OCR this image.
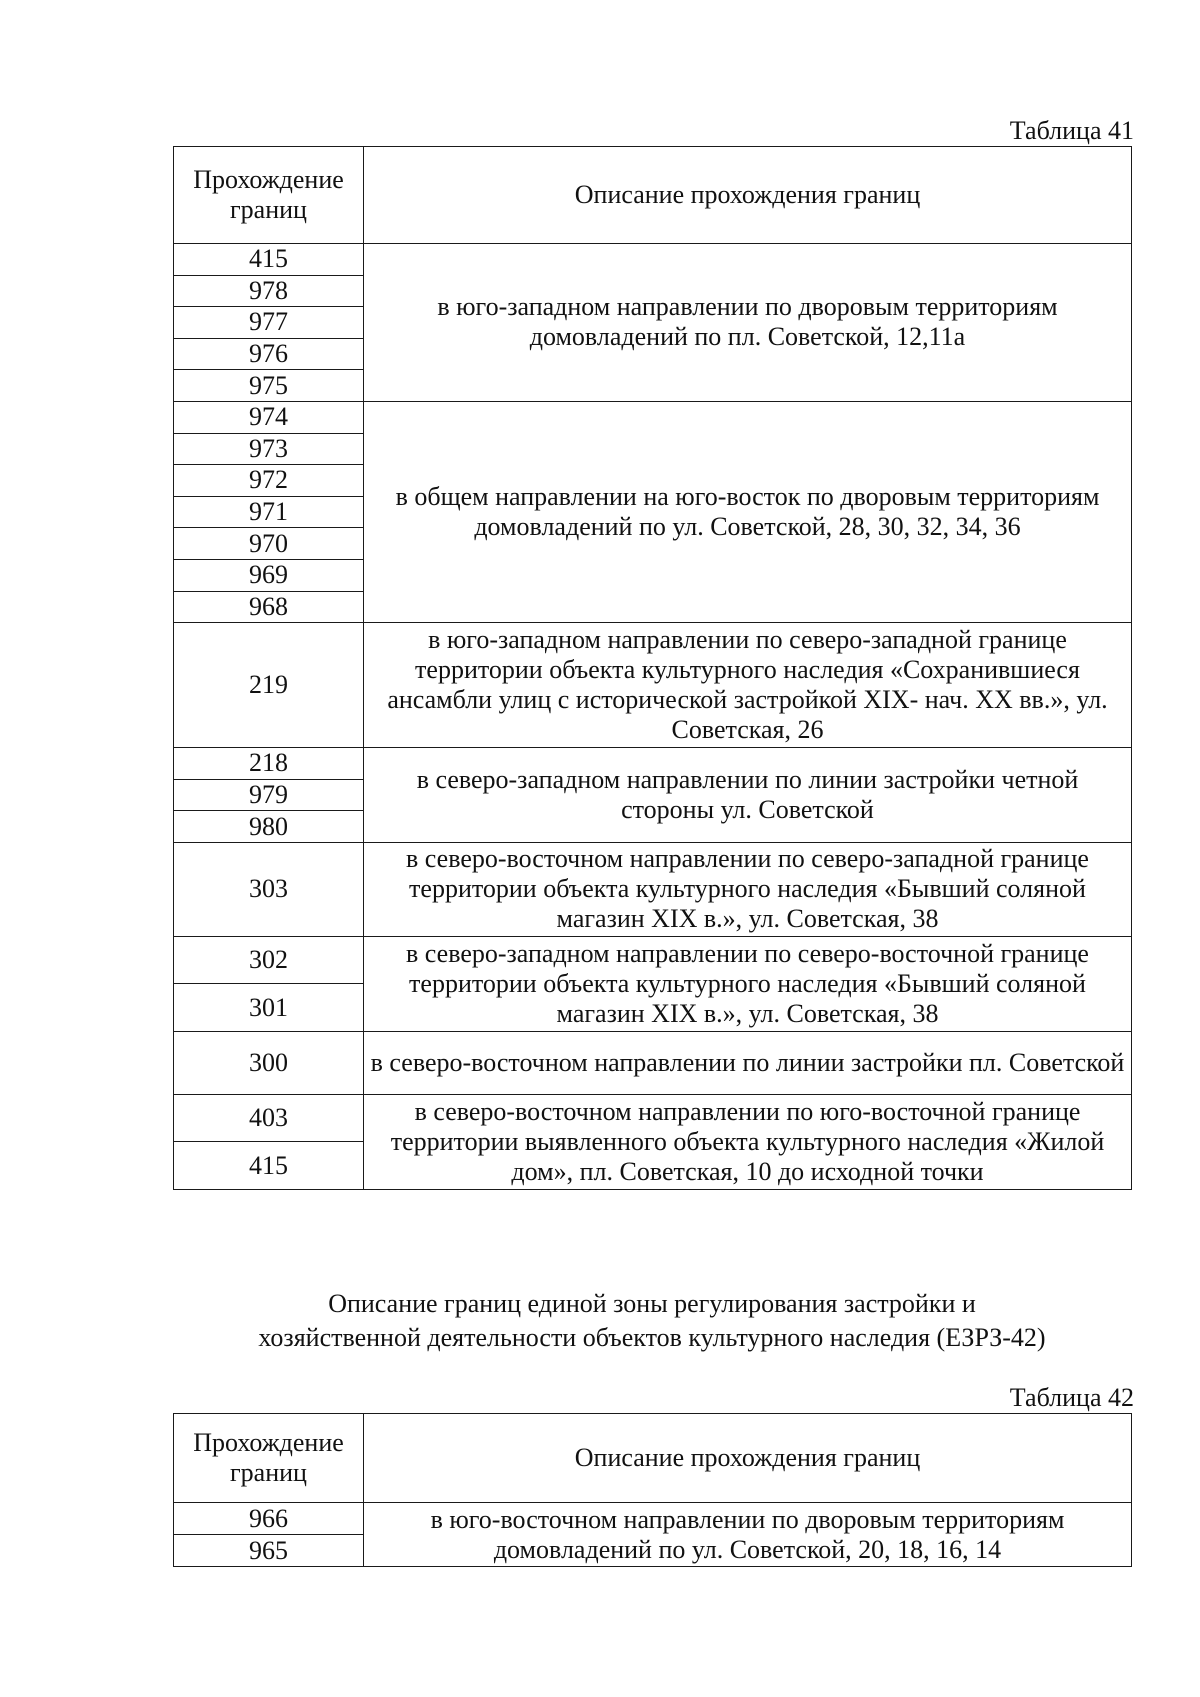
Таблица 41
Прохождение границ	Описание прохождения границ
415	в юго-западном направлении по дворовым территориям домовладений по пл. Советской, 12,11а
978	
977	
976	
975	
974	в общем направлении на юго-восток по дворовым территориям домовладений по ул. Советской, 28, 30, 32, 34, 36
973	
972	
971	
970	
969	
968	
219	в юго-западном направлении по северо-западной границе территории объекта культурного наследия «Сохранившиеся ансамбли улиц с исторической застройкой XIX- нач. XX вв.», ул. Советская, 26
218	в северо-западном направлении по линии застройки четной стороны ул. Советской
979	
980	
303	в северо-восточном направлении по северо-западной границе территории объекта культурного наследия «Бывший соляной магазин XIX в.», ул. Советская, 38
302	в северо-западном направлении по северо-восточной границе территории объекта культурного наследия «Бывший соляной магазин XIX в.», ул. Советская, 38
301	
300	в северо-восточном направлении по линии застройки пл. Советской
403	в северо-восточном направлении по юго-восточной границе территории выявленного объекта культурного наследия «Жилой дом», пл. Советская, 10 до исходной точки
415	
Описание границ единой зоны регулирования застройки и
хозяйственной деятельности объектов культурного наследия (ЕЗРЗ-42)
Таблица 42
Прохождение границ	Описание прохождения границ
966	в юго-восточном направлении по дворовым территориям домовладений по ул. Советской, 20, 18, 16, 14
965	
